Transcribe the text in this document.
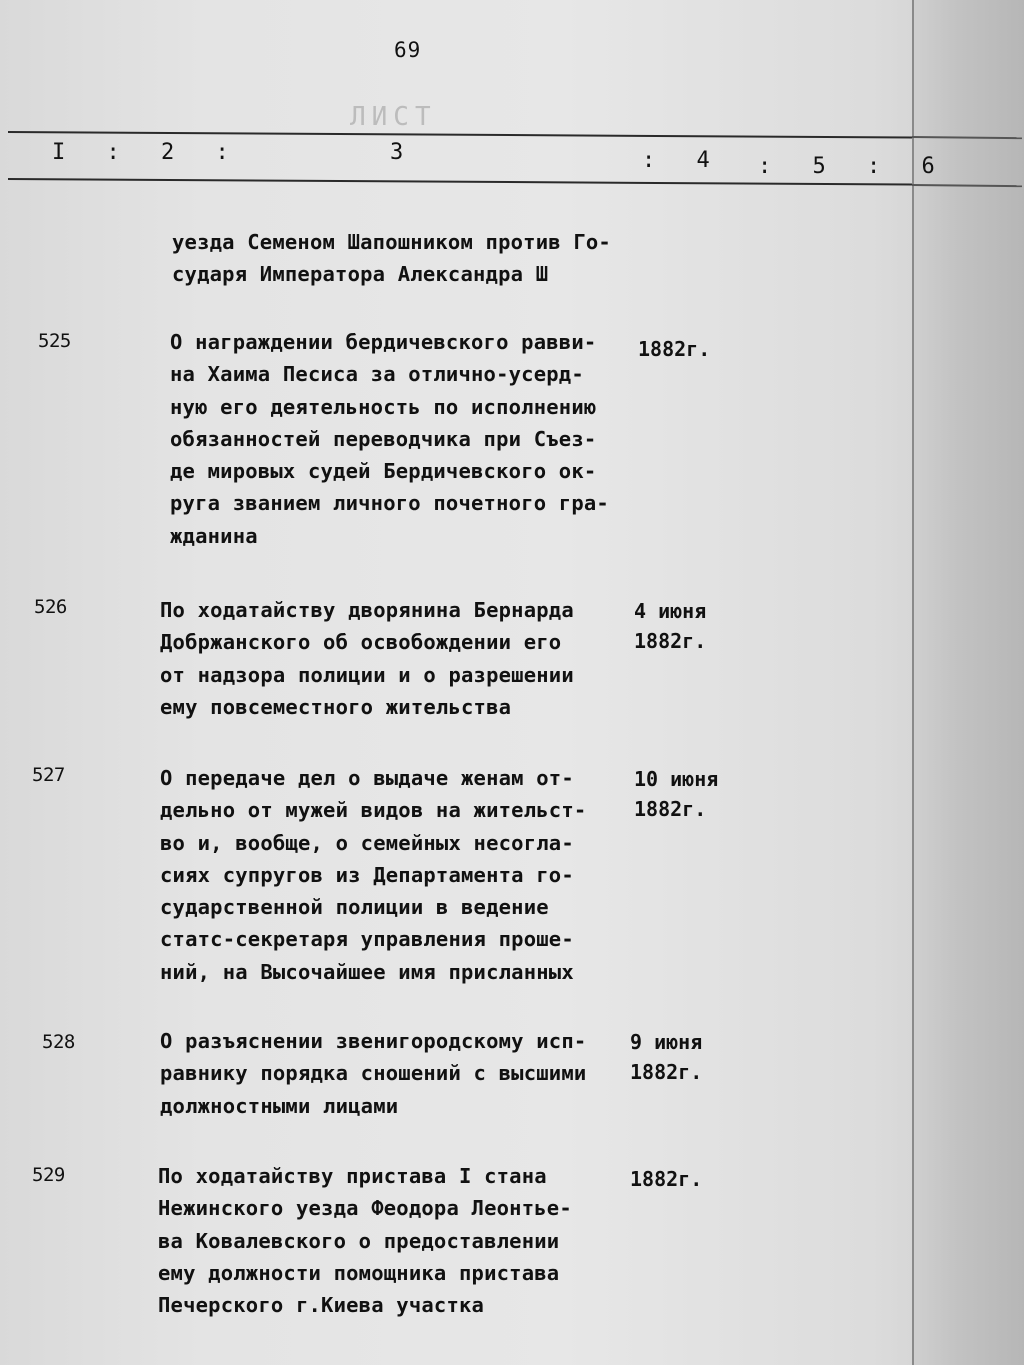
ЛИСТ
69
I : 2 :	3	: 4 : 5 : 6
уезда Семеном Шапошником против Го-
сударя Императора Александра Ш
525	О награждении бердичевского равви-
на Хаима Песиса за отлично-усерд-
ную его деятельность по исполнению
обязанностей переводчика при Съез-
де мировых судей Бердичевского ок-
руга званием личного почетного гра-
жданина
1882г.
526	По ходатайству дворянина Бернарда
Добржанского об освобождении его
от надзора полиции и о разрешении
ему повсеместного жительства
4 июня
1882г.
527	О передаче дел о выдаче женам от-
дельно от мужей видов на жительст-
во и, вообще, о семейных несогла-
сиях супругов из Департамента го-
сударственной полиции в ведение
статс-секретаря управления проше-
ний, на Высочайшее имя присланных
10 июня
1882г.
528	О разъяснении звенигородскому исп-
равнику порядка сношений с высшими
должностными лицами
9 июня
1882г.
529	По ходатайству пристава I стана
Нежинского уезда Феодора Леонтье-
ва Ковалевского о предоставлении
ему должности помощника пристава
Печерского г.Киева участка
1882г.
